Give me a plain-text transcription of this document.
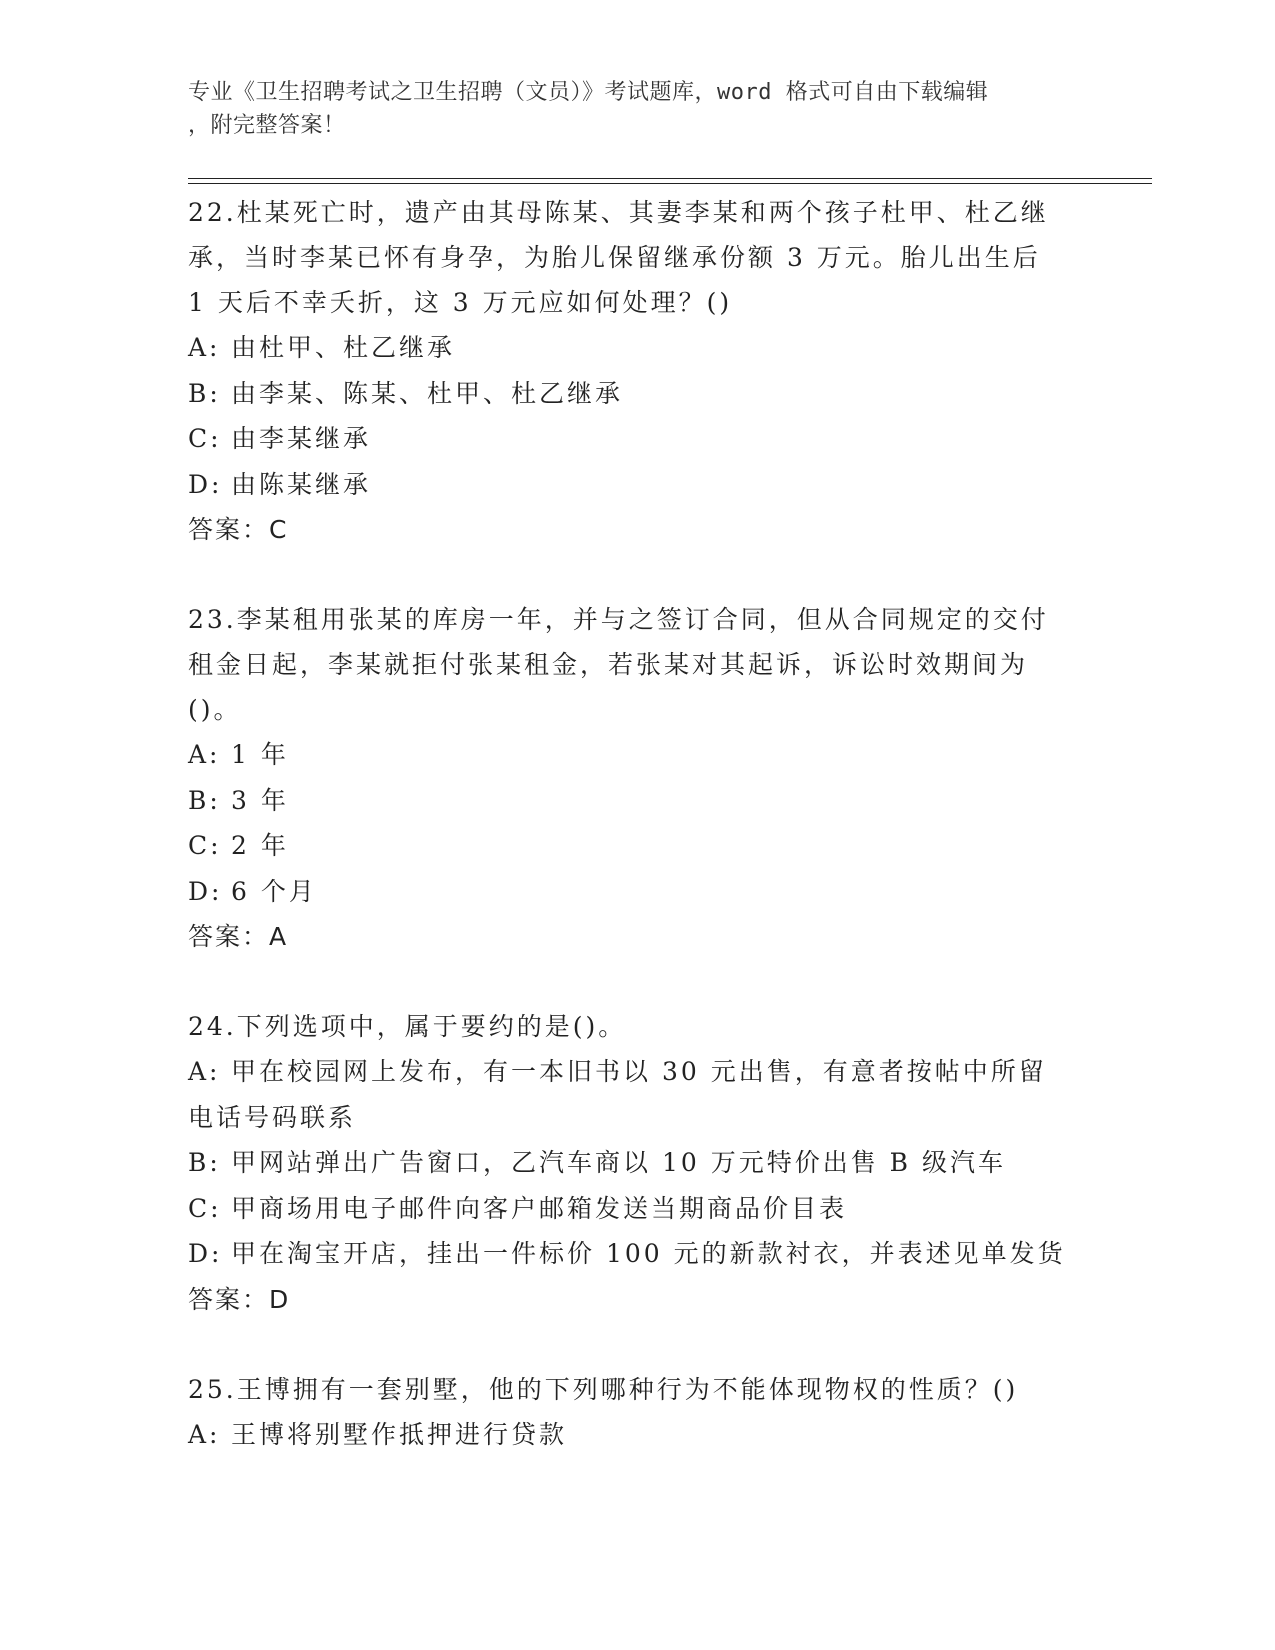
专业《卫生招聘考试之卫生招聘（文员）》考试题库，word 格式可自由下载编辑
，附完整答案！
22.杜某死亡时，遗产由其母陈某、其妻李某和两个孩子杜甲、杜乙继
承，当时李某已怀有身孕，为胎儿保留继承份额 3 万元。胎儿出生后
1 天后不幸夭折，这 3 万元应如何处理？()
A: 由杜甲、杜乙继承
B: 由李某、陈某、杜甲、杜乙继承
C: 由李某继承
D: 由陈某继承
答案：C
23.李某租用张某的库房一年，并与之签订合同，但从合同规定的交付
租金日起，李某就拒付张某租金，若张某对其起诉，诉讼时效期间为
()。
A: 1 年
B: 3 年
C: 2 年
D: 6 个月
答案：A
24.下列选项中，属于要约的是()。
A: 甲在校园网上发布，有一本旧书以 30 元出售，有意者按帖中所留
电话号码联系
B: 甲网站弹出广告窗口，乙汽车商以 10 万元特价出售 B 级汽车
C: 甲商场用电子邮件向客户邮箱发送当期商品价目表
D: 甲在淘宝开店，挂出一件标价 100 元的新款衬衣，并表述见单发货
答案：D
25.王博拥有一套别墅，他的下列哪种行为不能体现物权的性质？()
A: 王博将别墅作抵押进行贷款
